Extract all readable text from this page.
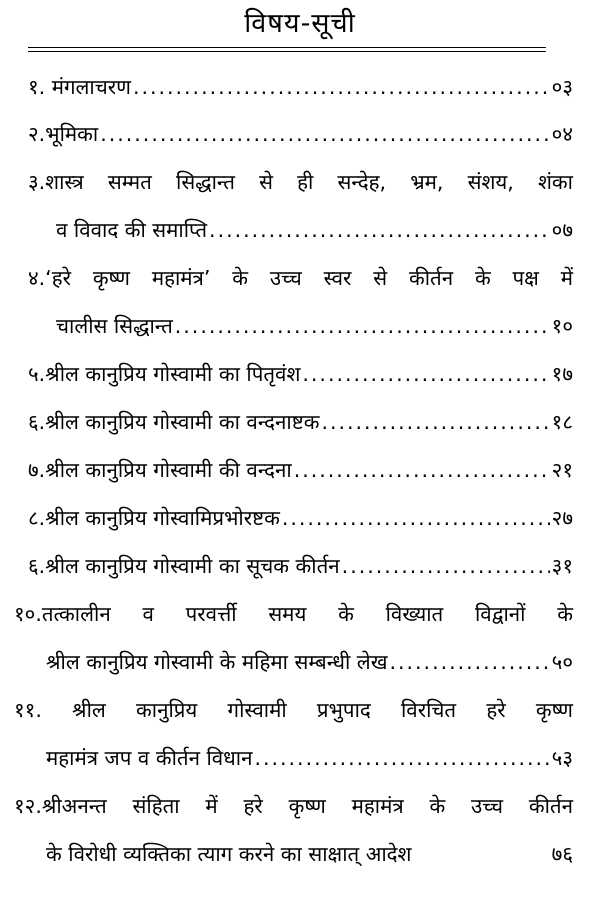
विषय-सूची
१. मंगलाचरण .....	०३
२.भूमिका .....	०४
३.शास्त्र सम्मत सिद्धान्त से ही सन्देह, भ्रम, संशय, शंका
व विवाद की समाप्ति .....	०७
४.‘हरे कृष्ण महामंत्र’ के उच्च स्वर से कीर्तन के पक्ष में
चालीस सिद्धान्त .....	१०
५.श्रील कानुप्रिय गोस्वामी का पितृवंश .....	१७
६.श्रील कानुप्रिय गोस्वामी का वन्दनाष्टक .....	१८
७.श्रील कानुप्रिय गोस्वामी की वन्दना .....	२१
८.श्रील कानुप्रिय गोस्वामिप्रभोरष्टक .....	२७
६.श्रील कानुप्रिय गोस्वामी का सूचक कीर्तन .....	३१
१०.तत्कालीन व परवर्त्ती समय के विख्यात विद्वानों के
श्रील कानुप्रिय गोस्वामी के महिमा सम्बन्धी लेख .....	५०
११. श्रील कानुप्रिय गोस्वामी प्रभुपाद विरचित हरे कृष्ण
महामंत्र जप व कीर्तन विधान .....	५३
१२.श्रीअनन्त संहिता में हरे कृष्ण महामंत्र के उच्च कीर्तन
के विरोधी व्यक्तिका त्याग करने का साक्षात् आदेश	७६
